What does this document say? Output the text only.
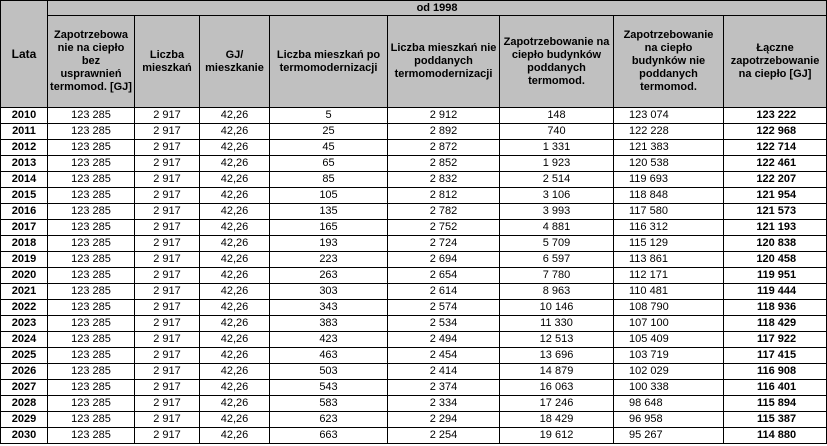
Lata	od 1998							
	Zapotrzebowa nie na ciepło bez usprawnień termomod. [GJ]	Liczba mieszkań	GJ/ mieszkanie	Liczba mieszkań po termomodernizacji	Liczba mieszkań nie poddanych termomodernizacji	Zapotrzebowanie na ciepło budynków poddanych termomod.	Zapotrzebowanie na ciepło budynków nie poddanych termomod.	Łączne zapotrzebowanie na ciepło [GJ]
2010	123 285	2 917	42,26	5	2 912	148	123 074	123 222
2011	123 285	2 917	42,26	25	2 892	740	122 228	122 968
2012	123 285	2 917	42,26	45	2 872	1 331	121 383	122 714
2013	123 285	2 917	42,26	65	2 852	1 923	120 538	122 461
2014	123 285	2 917	42,26	85	2 832	2 514	119 693	122 207
2015	123 285	2 917	42,26	105	2 812	3 106	118 848	121 954
2016	123 285	2 917	42,26	135	2 782	3 993	117 580	121 573
2017	123 285	2 917	42,26	165	2 752	4 881	116 312	121 193
2018	123 285	2 917	42,26	193	2 724	5 709	115 129	120 838
2019	123 285	2 917	42,26	223	2 694	6 597	113 861	120 458
2020	123 285	2 917	42,26	263	2 654	7 780	112 171	119 951
2021	123 285	2 917	42,26	303	2 614	8 963	110 481	119 444
2022	123 285	2 917	42,26	343	2 574	10 146	108 790	118 936
2023	123 285	2 917	42,26	383	2 534	11 330	107 100	118 429
2024	123 285	2 917	42,26	423	2 494	12 513	105 409	117 922
2025	123 285	2 917	42,26	463	2 454	13 696	103 719	117 415
2026	123 285	2 917	42,26	503	2 414	14 879	102 029	116 908
2027	123 285	2 917	42,26	543	2 374	16 063	100 338	116 401
2028	123 285	2 917	42,26	583	2 334	17 246	98 648	115 894
2029	123 285	2 917	42,26	623	2 294	18 429	96 958	115 387
2030	123 285	2 917	42,26	663	2 254	19 612	95 267	114 880
